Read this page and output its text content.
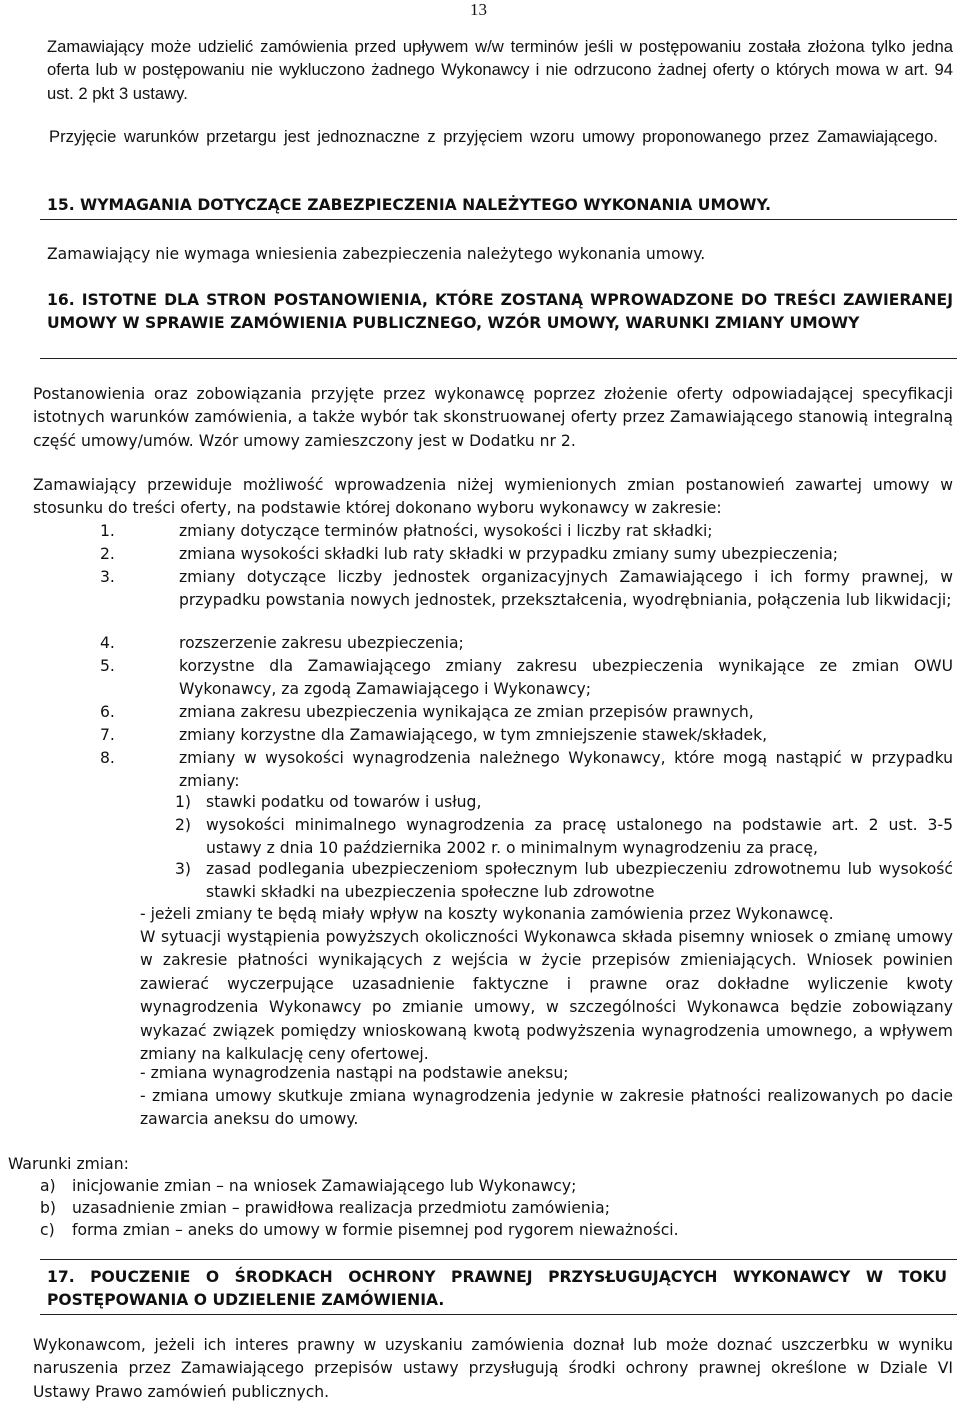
13
Zamawiający może udzielić zamówienia przed upływem w/w terminów jeśli w postępowaniu została złożona tylko jedna oferta lub w postępowaniu nie wykluczono żadnego Wykonawcy i nie odrzucono żadnej oferty o których mowa w art. 94 ust. 2 pkt 3 ustawy.
Przyjęcie warunków przetargu jest jednoznaczne z przyjęciem wzoru umowy proponowanego przez Zamawiającego.
15. WYMAGANIA DOTYCZĄCE ZABEZPIECZENIA NALEŻYTEGO WYKONANIA UMOWY.
Zamawiający nie wymaga wniesienia zabezpieczenia należytego wykonania umowy.
16. ISTOTNE DLA STRON POSTANOWIENIA, KTÓRE ZOSTANĄ WPROWADZONE DO TREŚCI ZAWIERANEJ UMOWY W SPRAWIE ZAMÓWIENIA PUBLICZNEGO, WZÓR UMOWY, WARUNKI ZMIANY UMOWY
Postanowienia oraz zobowiązania przyjęte przez wykonawcę poprzez złożenie oferty odpowiadającej specyfikacji istotnych warunków zamówienia, a także wybór tak skonstruowanej oferty przez Zamawiającego stanowią integralną część umowy/umów. Wzór umowy zamieszczony jest w Dodatku nr 2.
Zamawiający przewiduje możliwość wprowadzenia niżej wymienionych zmian postanowień zawartej umowy w stosunku do treści oferty, na podstawie której dokonano wyboru wykonawcy w zakresie:
1.	zmiany dotyczące terminów płatności, wysokości i liczby rat składki;
2.	zmiana wysokości składki lub raty składki w przypadku zmiany sumy ubezpieczenia;
3.	zmiany dotyczące liczby jednostek organizacyjnych Zamawiającego i ich formy prawnej, w przypadku powstania nowych jednostek, przekształcenia, wyodrębniania, połączenia lub likwidacji;
4.	rozszerzenie zakresu ubezpieczenia;
5.	korzystne dla Zamawiającego zmiany zakresu ubezpieczenia wynikające ze zmian OWU Wykonawcy, za zgodą Zamawiającego i Wykonawcy;
6.	zmiana zakresu ubezpieczenia wynikająca ze zmian przepisów prawnych,
7.	zmiany korzystne dla Zamawiającego, w tym zmniejszenie stawek/składek,
8.	zmiany w wysokości wynagrodzenia należnego Wykonawcy, które mogą nastąpić w przypadku zmiany:
1) stawki podatku od towarów i usług,
2) wysokości minimalnego wynagrodzenia za pracę ustalonego na podstawie art. 2 ust. 3-5 ustawy z dnia 10 października 2002 r. o minimalnym wynagrodzeniu za pracę,
3) zasad podlegania ubezpieczeniom społecznym lub ubezpieczeniu zdrowotnemu lub wysokość stawki składki na ubezpieczenia społeczne lub zdrowotne
- jeżeli zmiany te będą miały wpływ na koszty wykonania zamówienia przez Wykonawcę.
W sytuacji wystąpienia powyższych okoliczności Wykonawca składa pisemny wniosek o zmianę umowy w zakresie płatności wynikających z wejścia w życie przepisów zmieniających. Wniosek powinien zawierać wyczerpujące uzasadnienie faktyczne i prawne oraz dokładne wyliczenie kwoty wynagrodzenia Wykonawcy po zmianie umowy, w szczególności Wykonawca będzie zobowiązany wykazać związek pomiędzy wnioskowaną kwotą podwyższenia wynagrodzenia umownego, a wpływem zmiany na kalkulację ceny ofertowej.
- zmiana wynagrodzenia nastąpi na podstawie aneksu;
- zmiana umowy skutkuje zmiana wynagrodzenia jedynie w zakresie płatności realizowanych po dacie zawarcia aneksu do umowy.
Warunki zmian:
a)	inicjowanie zmian – na wniosek Zamawiającego lub Wykonawcy;
b)	uzasadnienie zmian – prawidłowa realizacja przedmiotu zamówienia;
c)	forma zmian – aneks do umowy w formie pisemnej pod rygorem nieważności.
17. POUCZENIE O ŚRODKACH OCHRONY PRAWNEJ PRZYSŁUGUJĄCYCH WYKONAWCY W TOKU POSTĘPOWANIA O UDZIELENIE ZAMÓWIENIA.
Wykonawcom, jeżeli ich interes prawny w uzyskaniu zamówienia doznał lub może doznać uszczerbku w wyniku naruszenia przez Zamawiającego przepisów ustawy przysługują środki ochrony prawnej określone w Dziale VI Ustawy Prawo zamówień publicznych.
